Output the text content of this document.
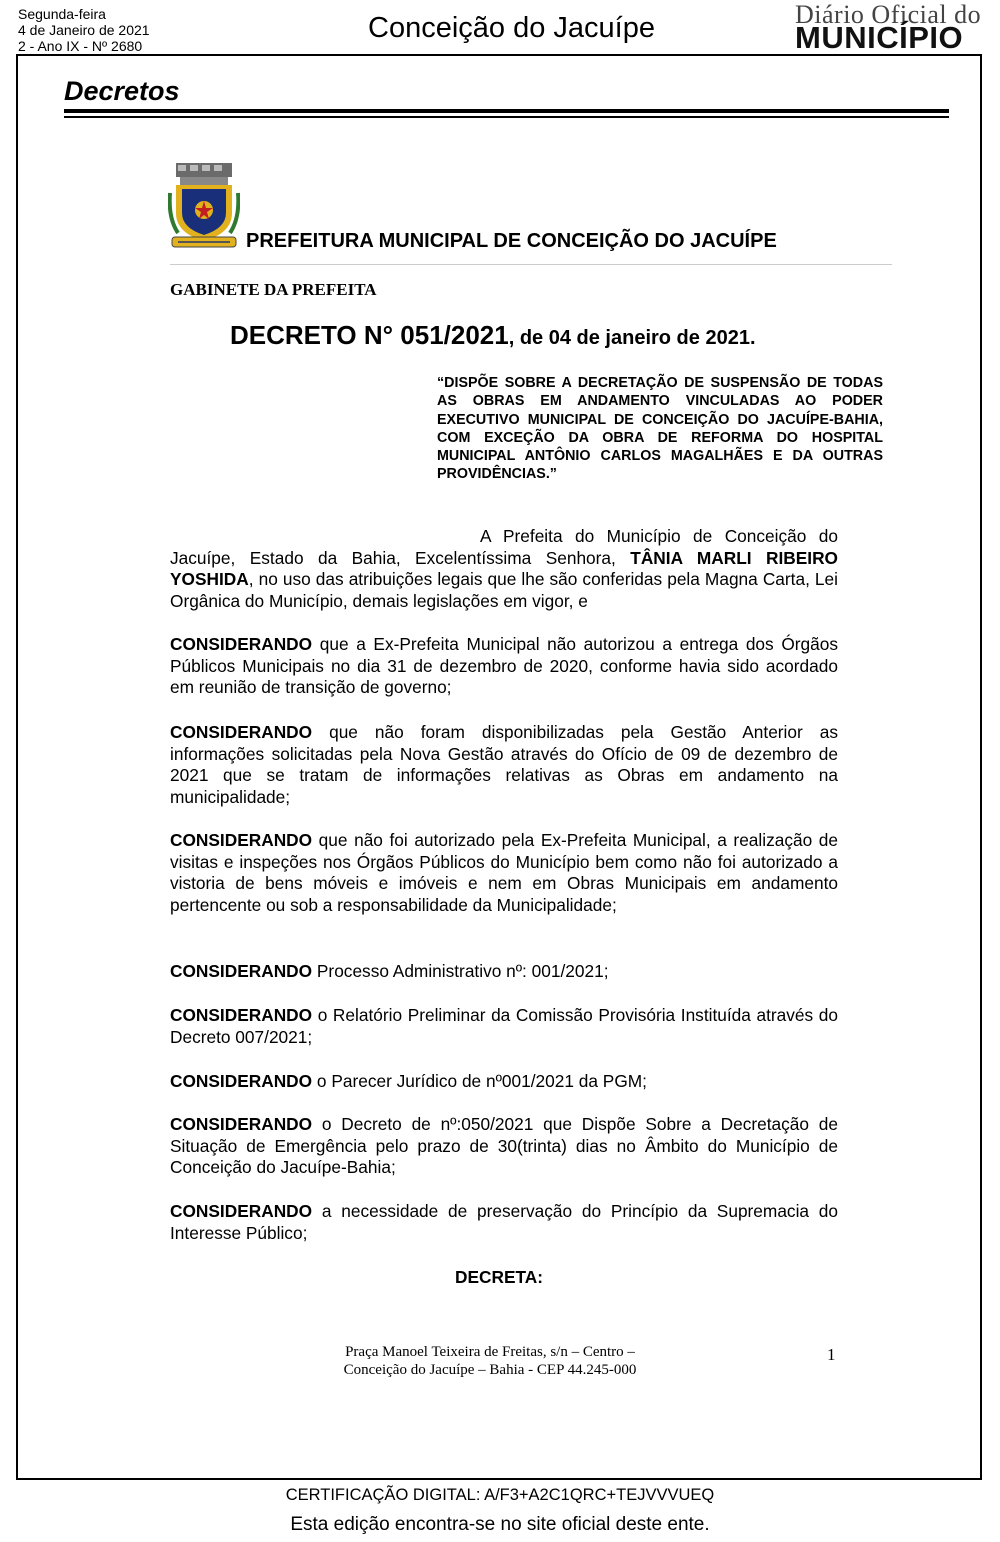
Segunda-feira
4 de Janeiro de 2021
2 - Ano IX - Nº 2680
Conceição do Jacuípe	Diário Oficial do
MUNICÍPIO
Decretos
PREFEITURA MUNICIPAL DE CONCEIÇÃO DO JACUÍPE
GABINETE DA PREFEITA
DECRETO N° 051/2021, de 04 de janeiro de 2021.
“DISPÕE SOBRE A DECRETAÇÃO DE SUSPENSÃO DE TODAS AS OBRAS EM ANDAMENTO VINCULADAS AO PODER EXECUTIVO MUNICIPAL DE CONCEIÇÃO DO JACUÍPE-BAHIA, COM EXCEÇÃO DA OBRA DE REFORMA DO HOSPITAL MUNICIPAL ANTÔNIO CARLOS MAGALHÃES E DA OUTRAS PROVIDÊNCIAS.”
A Prefeita do Município de Conceição do Jacuípe, Estado da Bahia, Excelentíssima Senhora, TÂNIA MARLI RIBEIRO YOSHIDA, no uso das atribuições legais que lhe são conferidas pela Magna Carta, Lei Orgânica do Município, demais legislações em vigor, e
CONSIDERANDO que a Ex-Prefeita Municipal não autorizou a entrega dos Órgãos Públicos Municipais no dia 31 de dezembro de 2020, conforme havia sido acordado em reunião de transição de governo;
CONSIDERANDO que não foram disponibilizadas pela Gestão Anterior as informações solicitadas pela Nova Gestão através do Ofício de 09 de dezembro de 2021 que se tratam de informações relativas as Obras em andamento na municipalidade;
CONSIDERANDO que não foi autorizado pela Ex-Prefeita Municipal, a realização de visitas e inspeções nos Órgãos Públicos do Município bem como não foi autorizado a vistoria de bens móveis e imóveis e nem em Obras Municipais em andamento pertencente ou sob a responsabilidade da Municipalidade;
CONSIDERANDO Processo Administrativo nº: 001/2021;
CONSIDERANDO o Relatório Preliminar da Comissão Provisória Instituída através do Decreto 007/2021;
CONSIDERANDO o Parecer Jurídico de nº001/2021 da PGM;
CONSIDERANDO o Decreto de nº:050/2021 que Dispõe Sobre a Decretação de Situação de Emergência pelo prazo de 30(trinta) dias no Âmbito do Município de Conceição do Jacuípe-Bahia;
CONSIDERANDO a necessidade de preservação do Princípio da Supremacia do Interesse Público;
DECRETA:
Praça Manoel Teixeira de Freitas, s/n – Centro –
Conceição do Jacuípe – Bahia - CEP 44.245-000
1
CERTIFICAÇÃO DIGITAL: A/F3+A2C1QRC+TEJVVVUEQ
Esta edição encontra-se no site oficial deste ente.
